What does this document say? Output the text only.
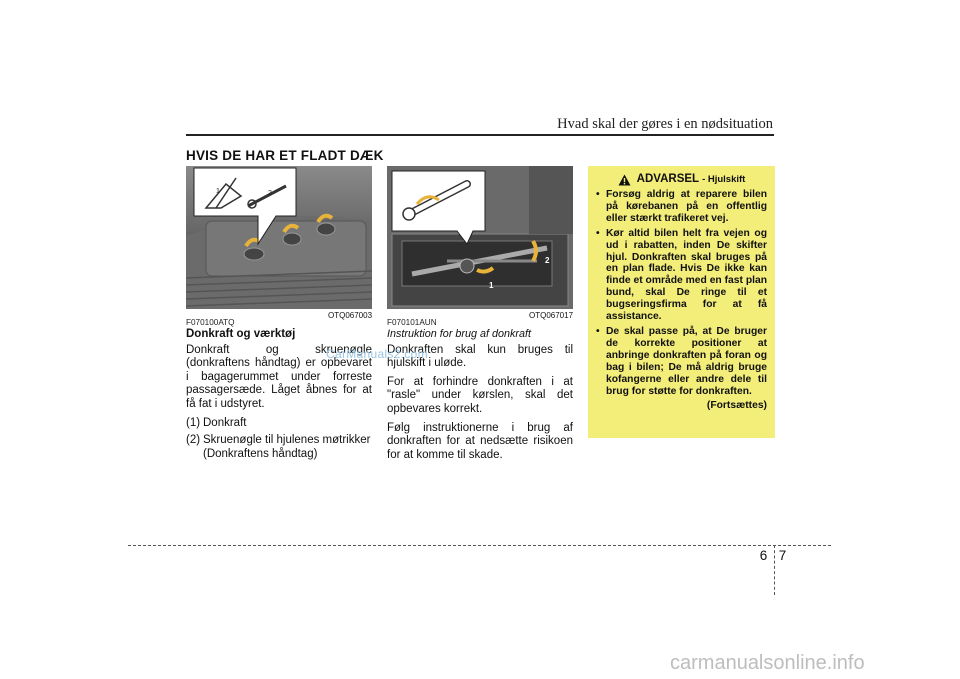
Hvad skal der gøres i en nødsituation
HVIS DE HAR ET FLADT DÆK
1	2
OTQ067003
1
2
OTQ067017
F070100ATQ
Donkraft og værktøj

Donkraft og skruenøgle (donkraftens håndtag) er opbevaret i bagagerummet under forreste passagersæde. Låget åbnes for at få fat i udstyret.

(1) Donkraft
(2) Skruenøgle til hjulenes møtrikker
(Donkraftens håndtag)
F070101AUN
Instruktion for brug af donkraft

Donkraften skal kun bruges til hjulskift i uløde.

For at forhindre donkraften i at "rasle" under kørslen, skal det opbevares korrekt.

Følg instruktionerne i brug af donkraften for at nedsætte risikoen for at komme til skade.

ADVARSEL - Hjulskift
• Forsøg aldrig at reparere bilen på kørebanen på en offentlig eller stærkt trafikeret vej.
• Kør altid bilen helt fra vejen og ud i rabatten, inden De skifter hjul. Donkraften skal bruges på en plan flade. Hvis De ikke kan finde et område med en fast plan bund, skal De ringe til et bugseringsfirma for at få assistance.
• De skal passe på, at De bruger de korrekte positioner at anbringe donkraften på foran og bag i bilen; De må aldrig bruge kofangerne eller andre dele til brug for støtte for donkraften.
(Fortsættes)
CarManuals2.com
6 7
carmanualsonline.info
